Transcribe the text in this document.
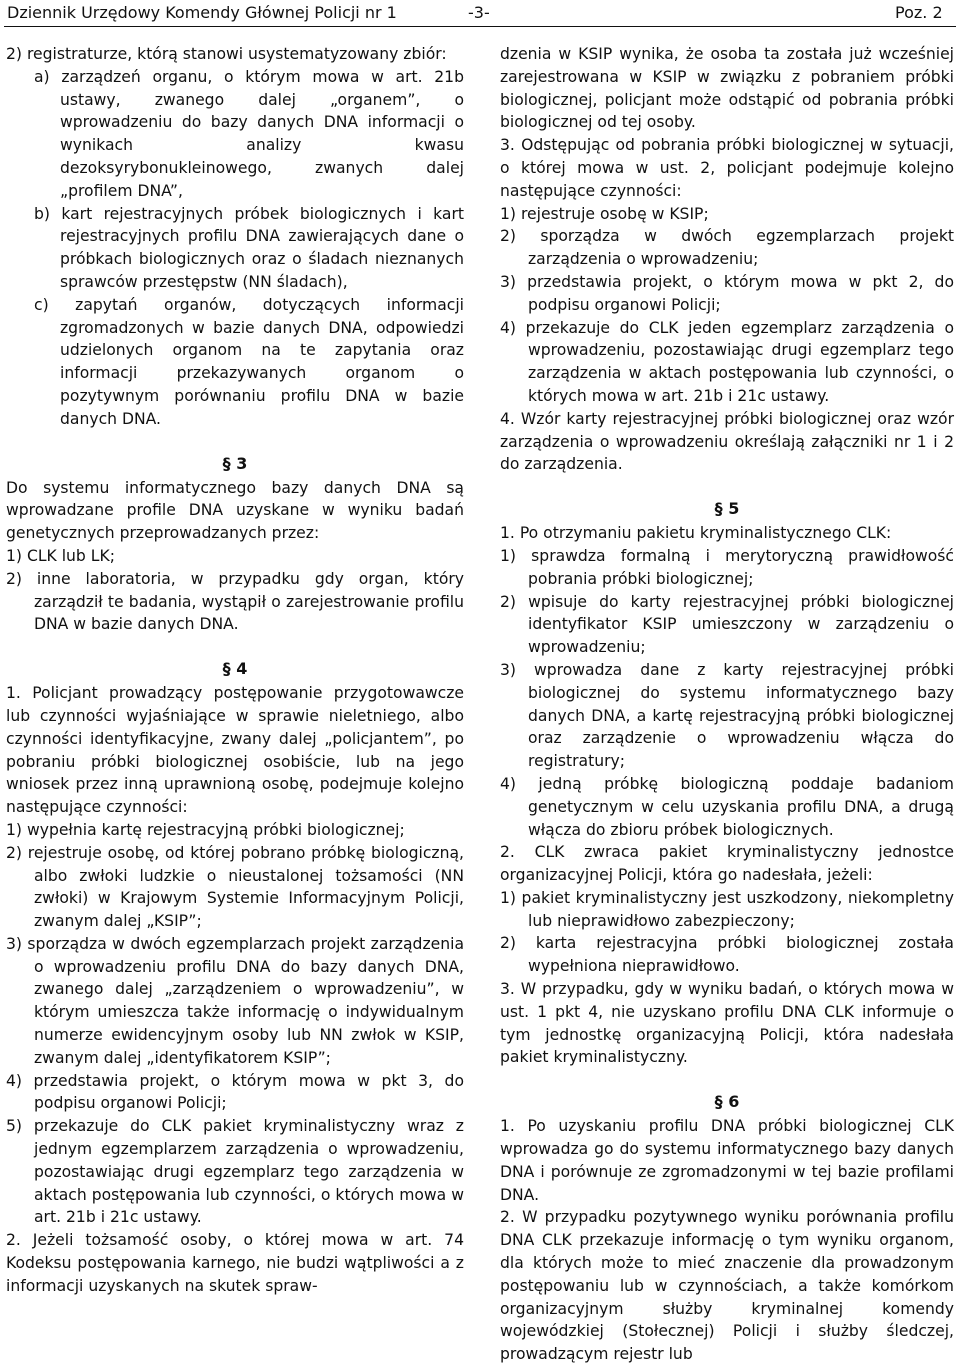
Dziennik Urzędowy Komendy Głównej Policji nr 1	-3-	Poz. 2

2) registraturze, którą stanowi usystematyzowany zbiór:

a) zarządzeń organu, o którym mowa w art. 21b ustawy, zwanego dalej „organem”, o wprowadzeniu do bazy danych DNA informacji o wynikach analizy kwasu dezoksyrybonukleinowego, zwanych dalej „profilem DNA”,

b) kart rejestracyjnych próbek biologicznych i kart rejestracyjnych profilu DNA zawierających dane o próbkach biologicznych oraz o śladach nieznanych sprawców przestępstw (NN śladach),

c) zapytań organów, dotyczących informacji zgromadzonych w bazie danych DNA, odpowiedzi udzielonych organom na te zapytania oraz informacji przekazywanych organom o pozytywnym porównaniu profilu DNA w bazie danych DNA.

§ 3

Do systemu informatycznego bazy danych DNA są wprowadzane profile DNA uzyskane w wyniku badań genetycznych przeprowadzanych przez:

1) CLK lub LK;

2) inne laboratoria, w przypadku gdy organ, który zarządził te badania, wystąpił o zarejestrowanie profilu DNA w bazie danych DNA.

§ 4

1. Policjant prowadzący postępowanie przygotowawcze lub czynności wyjaśniające w sprawie nieletniego, albo czynności identyfikacyjne, zwany dalej „policjantem”, po pobraniu próbki biologicznej osobiście, lub na jego wniosek przez inną uprawnioną osobę, podejmuje kolejno następujące czynności:

1) wypełnia kartę rejestracyjną próbki biologicznej;

2) rejestruje osobę, od której pobrano próbkę biologiczną, albo zwłoki ludzkie o nieustalonej tożsamości (NN zwłoki) w Krajowym Systemie Informacyjnym Policji, zwanym dalej „KSIP”;

3) sporządza w dwóch egzemplarzach projekt zarządzenia o wprowadzeniu profilu DNA do bazy danych DNA, zwanego dalej „zarządzeniem o wprowadzeniu”, w którym umieszcza także informację o indywidualnym numerze ewidencyjnym osoby lub NN zwłok w KSIP, zwanym dalej „identyfikatorem KSIP”;

4) przedstawia projekt, o którym mowa w pkt 3, do podpisu organowi Policji;

5) przekazuje do CLK pakiet kryminalistyczny wraz z jednym egzemplarzem zarządzenia o wprowadzeniu, pozostawiając drugi egzemplarz tego zarządzenia w aktach postępowania lub czynności, o których mowa w art. 21b i 21c ustawy.

2. Jeżeli tożsamość osoby, o której mowa w art. 74 Kodeksu postępowania karnego, nie budzi wątpliwości a z informacji uzyskanych na skutek spraw-

dzenia w KSIP wynika, że osoba ta została już wcześniej zarejestrowana w KSIP w związku z pobraniem próbki biologicznej, policjant może odstąpić od pobrania próbki biologicznej od tej osoby.

3. Odstępując od pobrania próbki biologicznej w sytuacji, o której mowa w ust. 2, policjant podejmuje kolejno następujące czynności:

1) rejestruje osobę w KSIP;

2) sporządza w dwóch egzemplarzach projekt zarządzenia o wprowadzeniu;

3) przedstawia projekt, o którym mowa w pkt 2, do podpisu organowi Policji;

4) przekazuje do CLK jeden egzemplarz zarządzenia o wprowadzeniu, pozostawiając drugi egzemplarz tego zarządzenia w aktach postępowania lub czynności, o których mowa w art. 21b i 21c ustawy.

4. Wzór karty rejestracyjnej próbki biologicznej oraz wzór zarządzenia o wprowadzeniu określają załączniki nr 1 i 2 do zarządzenia.

§ 5

1. Po otrzymaniu pakietu kryminalistycznego CLK:

1) sprawdza formalną i merytoryczną prawidłowość pobrania próbki biologicznej;

2) wpisuje do karty rejestracyjnej próbki biologicznej identyfikator KSIP umieszczony w zarządzeniu o wprowadzeniu;

3) wprowadza dane z karty rejestracyjnej próbki biologicznej do systemu informatycznego bazy danych DNA, a kartę rejestracyjną próbki biologicznej oraz zarządzenie o wprowadzeniu włącza do registratury;

4) jedną próbkę biologiczną poddaje badaniom genetycznym w celu uzyskania profilu DNA, a drugą włącza do zbioru próbek biologicznych.

2. CLK zwraca pakiet kryminalistyczny jednostce organizacyjnej Policji, która go nadesłała, jeżeli:

1) pakiet kryminalistyczny jest uszkodzony, niekompletny lub nieprawidłowo zabezpieczony;

2) karta rejestracyjna próbki biologicznej została wypełniona nieprawidłowo.

3. W przypadku, gdy w wyniku badań, o których mowa w ust. 1 pkt 4, nie uzyskano profilu DNA CLK informuje o tym jednostkę organizacyjną Policji, która nadesłała pakiet kryminalistyczny.

§ 6

1. Po uzyskaniu profilu DNA próbki biologicznej CLK wprowadza go do systemu informatycznego bazy danych DNA i porównuje ze zgromadzonymi w tej bazie profilami DNA.

2. W przypadku pozytywnego wyniku porównania profilu DNA CLK przekazuje informację o tym wyniku organom, dla których może to mieć znaczenie dla prowadzonym postępowaniu lub w czynnościach, a także komórkom organizacyjnym służby kryminalnej komendy wojewódzkiej (Stołecznej) Policji i służby śledczej, prowadzącym rejestr lub
